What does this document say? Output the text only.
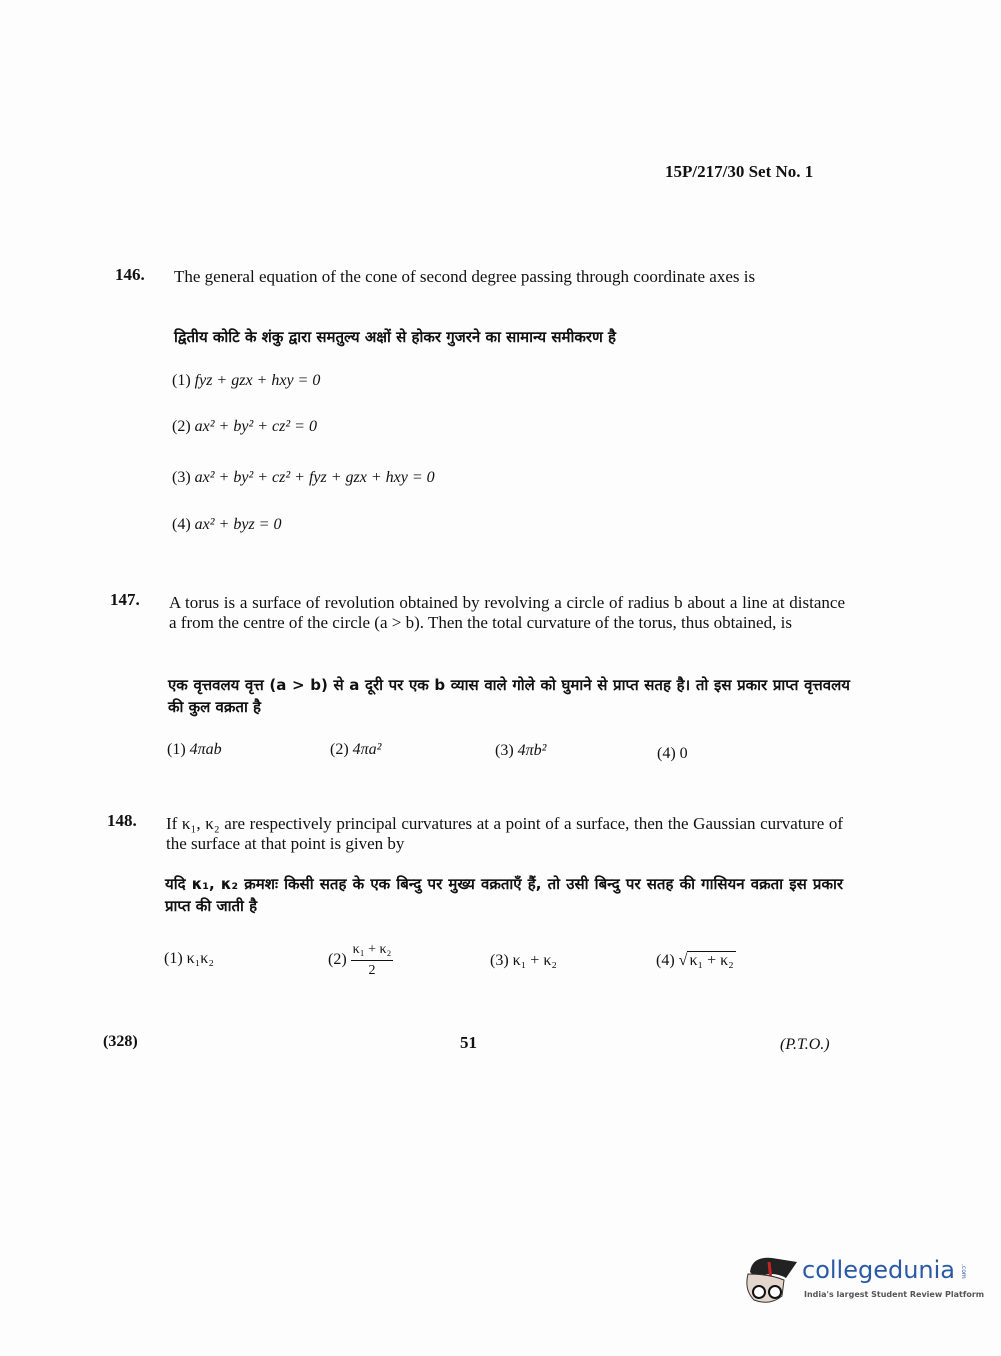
15P/217/30 Set No. 1
146. The general equation of the cone of second degree passing through coordinate axes is
द्वितीय कोटि के शंकु द्वारा समतुल्य अक्षों से होकर गुजरने का सामान्य समीकरण है
(1) fyz + gzx + hxy = 0
(2) ax² + by² + cz² = 0
(3) ax² + by² + cz² + fyz + gzx + hxy = 0
(4) ax² + byz = 0
147. A torus is a surface of revolution obtained by revolving a circle of radius b about a line at distance a from the centre of the circle (a > b). Then the total curvature of the torus, thus obtained, is
एक वृत्तवलय वृत्त (a > b) से a दूरी पर एक b व्यास वाले गोले को घुमाने से प्राप्त सतह है। तो इस प्रकार प्राप्त वृत्तवलय की कुल वक्रता है
(1) 4πab	(2) 4πa²	(3) 4πb²	(4) 0
148. If κ₁, κ₂ are respectively principal curvatures at a point of a surface, then the Gaussian curvature of the surface at that point is given by
यदि κ₁, κ₂ क्रमशः किसी सतह के एक बिन्दु पर मुख्य वक्रताएँ हैं, तो उसी बिन्दु पर सतह की गासियन वक्रता इस प्रकार प्राप्त की जाती है
(1) κ₁κ₂	$(2) \frac{\text{κ₁ + κ₂}}{2}$	(3) κ₁ + κ₂	(4) √ κ₁ + κ₂
(328)	51	(P.T.O.)
collegedunia .com
India's largest Student Review Platform
